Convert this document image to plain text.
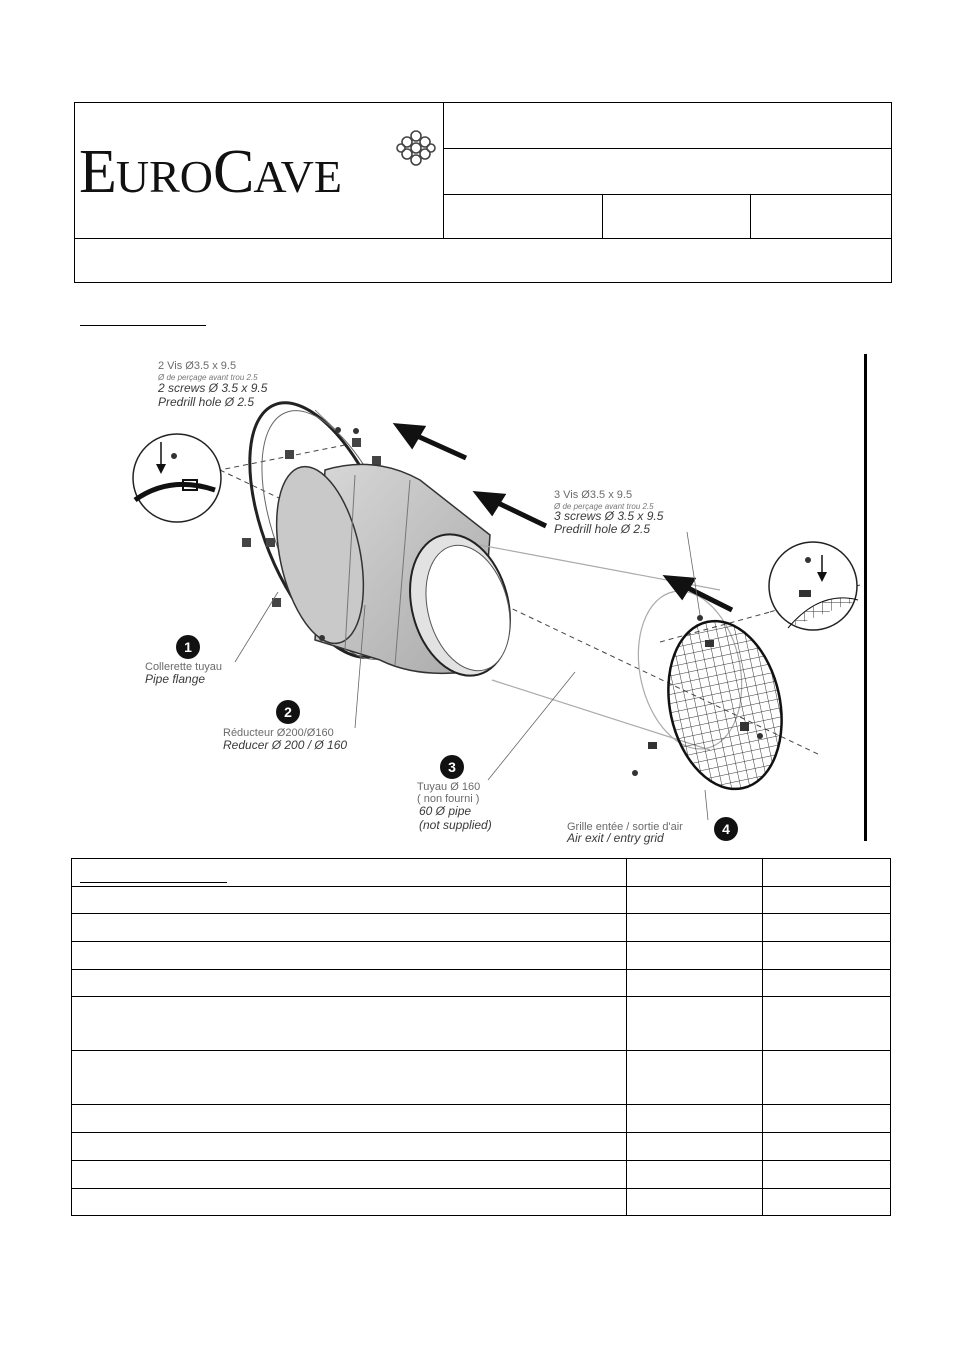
EUROCAVE
2 Vis Ø3.5 x 9.5
Ø de perçage avant trou 2.5
2 screws Ø 3.5 x 9.5
Predrill hole Ø 2.5
3 Vis Ø3.5 x 9.5
Ø de perçage avant trou 2.5
3 screws Ø 3.5 x 9.5
Predrill hole Ø 2.5
1
Collerette tuyau
Pipe flange
2
Réducteur Ø200/Ø160
Reducer Ø 200 / Ø 160
3
Tuyau Ø 160
( non fourni )
60 Ø pipe
(not supplied)	4
Grille entée / sortie d'air
Air exit / entry grid
